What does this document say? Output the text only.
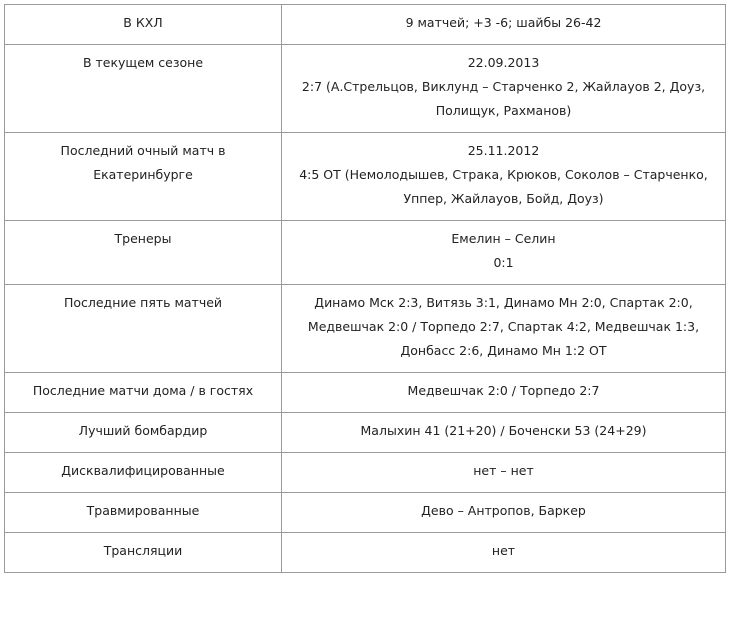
В КХЛ	9 матчей; +3 -6; шайбы 26-42

В текущем сезоне	22.09.2013
2:7 (А.Стрельцов, Виклунд – Старченко 2, Жайлауов 2, Доуз, Полищук, Рахманов)

Последний очный матч в Екатеринбурге	25.11.2012
4:5 ОТ (Немолодышев, Страка, Крюков, Соколов – Старченко, Уппер, Жайлауов, Бойд, Доуз)

Тренеры	Емелин – Селин
0:1

Последние пять матчей	Динамо Мск 2:3, Витязь 3:1, Динамо Мн 2:0, Спартак 2:0, Медвешчак 2:0 / Торпедо 2:7, Спартак 4:2, Медвешчак 1:3, Донбасс 2:6, Динамо Мн 1:2 ОТ

Последние матчи дома / в гостях	Медвешчак 2:0 / Торпедо 2:7

Лучший бомбардир	Малыхин 41 (21+20) / Боченски 53 (24+29)

Дисквалифицированные	нет – нет

Травмированные	Дево – Антропов, Баркер

Трансляции	нет
